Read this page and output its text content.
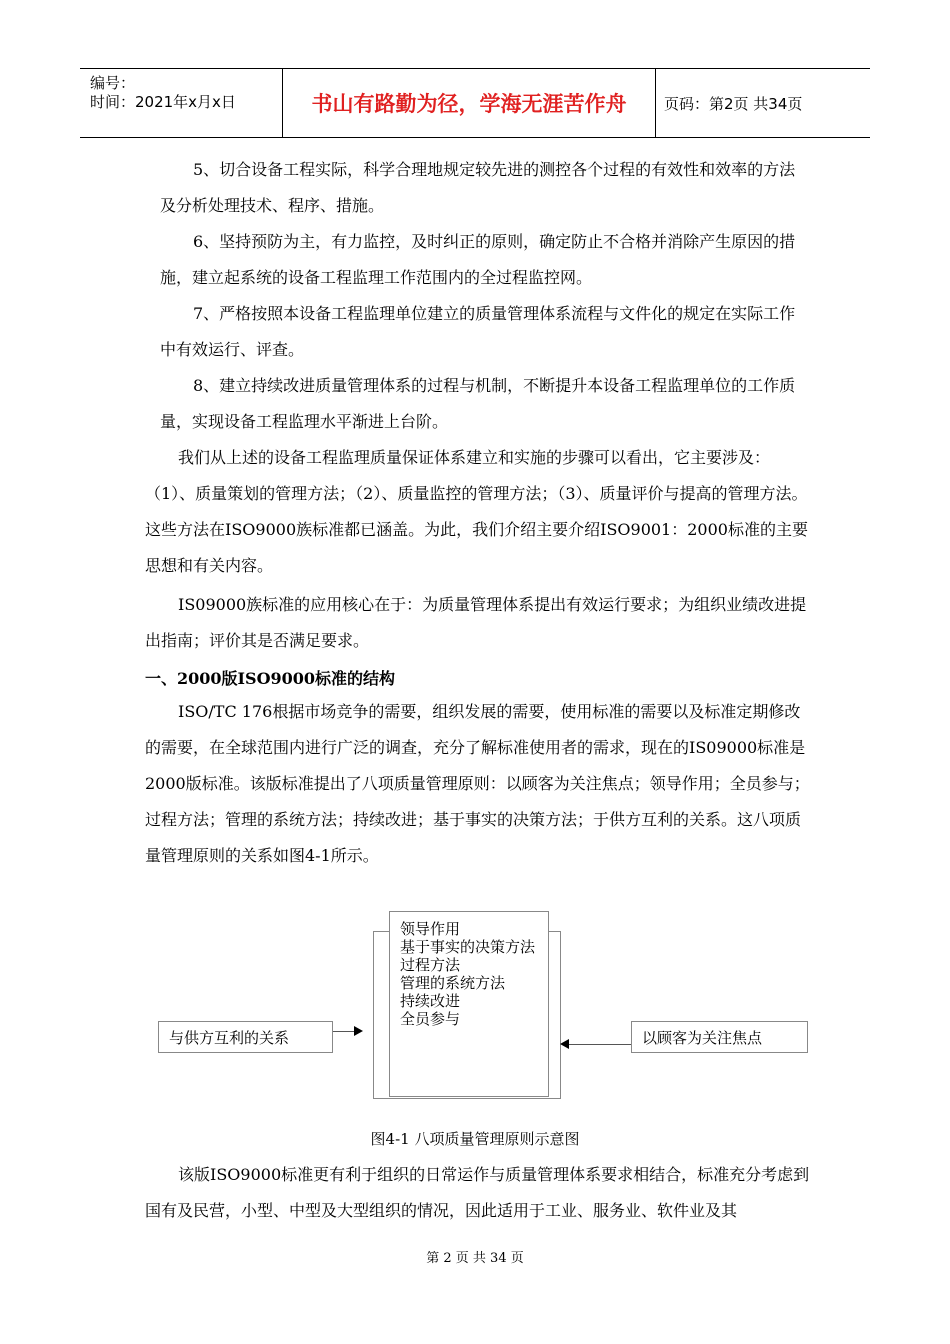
编号：
时间：2021年x月x日	书山有路勤为径，学海无涯苦作舟	页码：第2页 共34页

5、切合设备工程实际，科学合理地规定较先进的测控各个过程的有效性和效率的方法及分析处理技术、程序、措施。

6、坚持预防为主，有力监控，及时纠正的原则，确定防止不合格并消除产生原因的措施，建立起系统的设备工程监理工作范围内的全过程监控网。

7、严格按照本设备工程监理单位建立的质量管理体系流程与文件化的规定在实际工作中有效运行、评查。

8、建立持续改进质量管理体系的过程与机制，不断提升本设备工程监理单位的工作质量，实现设备工程监理水平渐进上台阶。

我们从上述的设备工程监理质量保证体系建立和实施的步骤可以看出，它主要涉及：（1）、质量策划的管理方法；（2）、质量监控的管理方法；（3）、质量评价与提高的管理方法。这些方法在ISO9000族标准都已涵盖。为此，我们介绍主要介绍ISO9001：2000标准的主要思想和有关内容。

IS09000族标准的应用核心在于：为质量管理体系提出有效运行要求；为组织业绩改进提出指南；评价其是否满足要求。

一、2000版ISO9000标准的结构

ISO/TC 176根据市场竞争的需要，组织发展的需要，使用标准的需要以及标准定期修改的需要，在全球范围内进行广泛的调查，充分了解标准使用者的需求，现在的IS09000标准是2000版标准。该版标准提出了八项质量管理原则：以顾客为关注焦点；领导作用；全员参与；过程方法；管理的系统方法；持续改进；基于事实的决策方法；于供方互利的关系。这八项质量管理原则的关系如图4-1所示。

领导作用
基于事实的决策方法
过程方法
管理的系统方法
持续改进
全员参与
与供方互利的关系	以顾客为关注焦点
图4-1 八项质量管理原则示意图

该版ISO9000标准更有利于组织的日常运作与质量管理体系要求相结合，标准充分考虑到国有及民营，小型、中型及大型组织的情况，因此适用于工业、服务业、软件业及其

第 2 页 共 34 页
